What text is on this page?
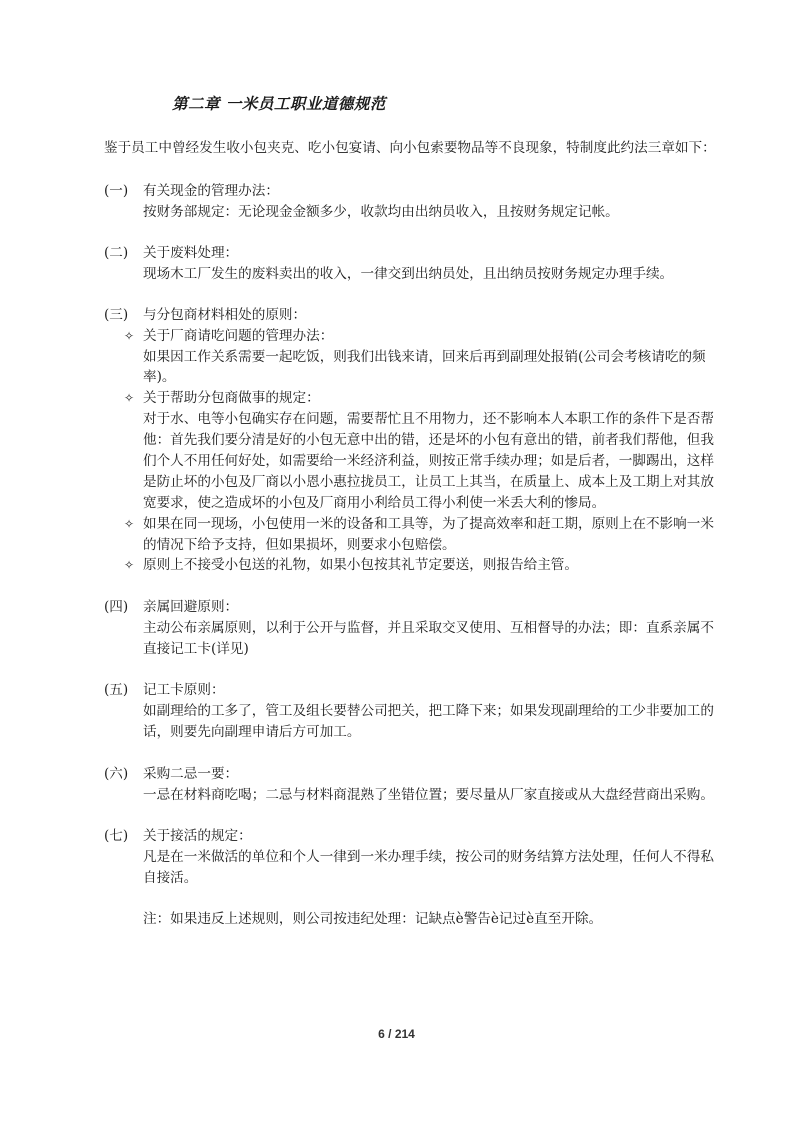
第二章 一米员工职业道德规范
鉴于员工中曾经发生收小包夹克、吃小包宴请、向小包索要物品等不良现象，特制度此约法三章如下：
(一) 有关现金的管理办法：
按财务部规定：无论现金金额多少，收款均由出纳员收入，且按财务规定记帐。
(二) 关于废料处理：
现场木工厂发生的废料卖出的收入，一律交到出纳员处，且出纳员按财务规定办理手续。
(三) 与分包商材料相处的原则：
✧ 关于厂商请吃问题的管理办法：
如果因工作关系需要一起吃饭，则我们出钱来请，回来后再到副理处报销(公司会考核请吃的频
率)。
✧ 关于帮助分包商做事的规定：
对于水、电等小包确实存在问题，需要帮忙且不用物力，还不影响本人本职工作的条件下是否帮
他：首先我们要分清是好的小包无意中出的错，还是坏的小包有意出的错，前者我们帮他，但我
们个人不用任何好处，如需要给一米经济利益，则按正常手续办理；如是后者，一脚踢出，这样
是防止坏的小包及厂商以小恩小惠拉拢员工，让员工上其当，在质量上、成本上及工期上对其放
宽要求，使之造成坏的小包及厂商用小利给员工得小利使一米丢大利的惨局。
✧ 如果在同一现场，小包使用一米的设备和工具等，为了提高效率和赶工期，原则上在不影响一米
的情况下给予支持，但如果损坏，则要求小包赔偿。
✧ 原则上不接受小包送的礼物，如果小包按其礼节定要送，则报告给主管。
(四) 亲属回避原则：
主动公布亲属原则，以利于公开与监督，并且采取交叉使用、互相督导的办法；即：直系亲属不
直接记工卡(详见)
(五) 记工卡原则：
如副理给的工多了，管工及组长要替公司把关，把工降下来；如果发现副理给的工少非要加工的
话，则要先向副理申请后方可加工。
(六) 采购二忌一要：
一忌在材料商吃喝；二忌与材料商混熟了坐错位置；要尽量从厂家直接或从大盘经营商出采购。
(七) 关于接活的规定：
凡是在一米做活的单位和个人一律到一米办理手续，按公司的财务结算方法处理，任何人不得私
自接活。
注：如果违反上述规则，则公司按违纪处理：记缺点è警告è记过è直至开除。
6 / 214
